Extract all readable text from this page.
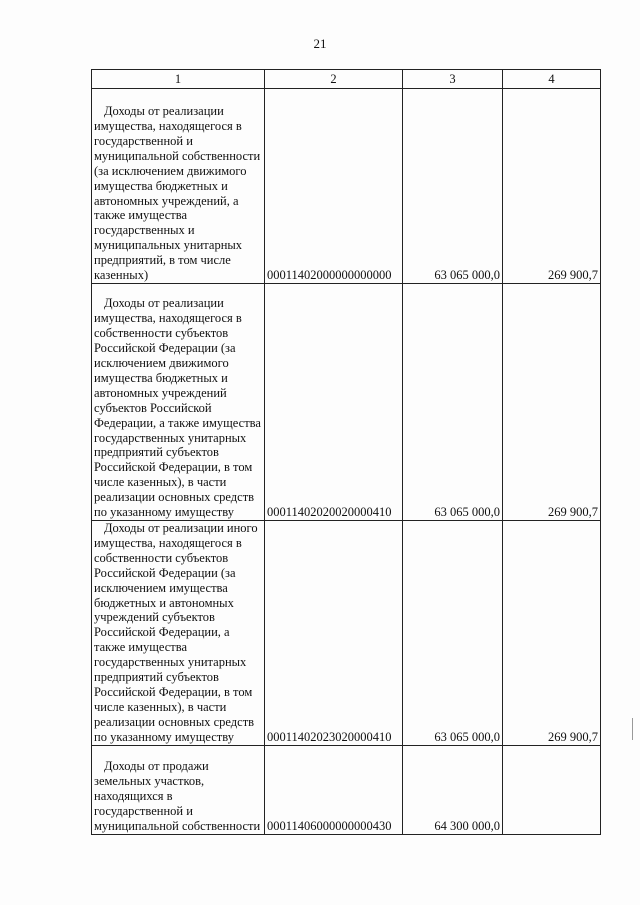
21
1	2	3	4

Доходы от реализации
имущества, находящегося в государственной и муниципальной собственности (за исключением движимого имущества бюджетных и автономных учреждений, а также имущества государственных и муниципальных унитарных предприятий, в том числе казенных)	00011402000000000000	63 065 000,0	269 900,7

Доходы от реализации
имущества, находящегося в собственности субъектов Российской Федерации (за исключением движимого имущества бюджетных и автономных учреждений субъектов Российской Федерации, а также имущества государственных унитарных предприятий субъектов Российской Федерации, в том числе казенных), в части реализации основных средств по указанному имуществу	00011402020020000410	63 065 000,0	269 900,7

Доходы от реализации иного
имущества, находящегося в собственности субъектов Российской Федерации (за исключением имущества бюджетных и автономных учреждений субъектов Российской Федерации, а также имущества государственных унитарных предприятий субъектов Российской Федерации, в том числе казенных), в части реализации основных средств по указанному имуществу	00011402023020000410	63 065 000,0	269 900,7

Доходы от продажи
земельных участков, находящихся в государственной и муниципальной собственности	00011406000000000430	64 300 000,0	
